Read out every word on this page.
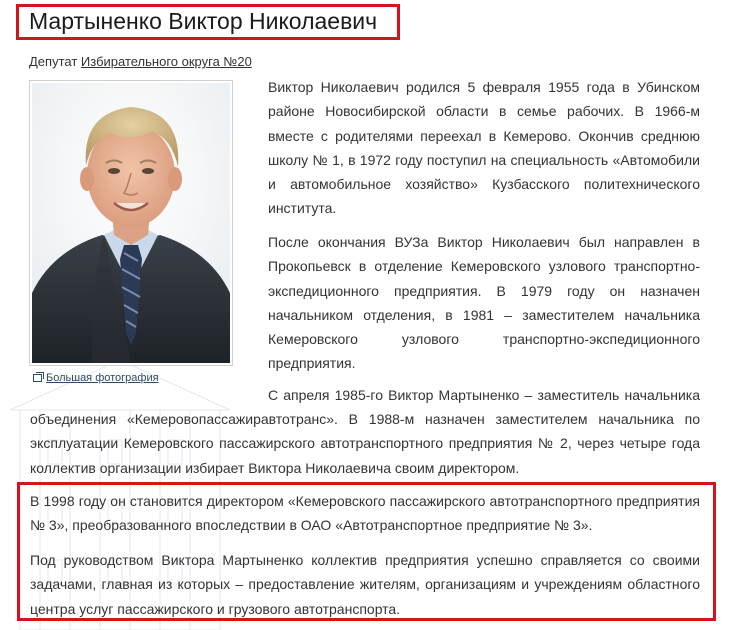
Мартыненко Виктор Николаевич
Депутат Избирательного округа №20
Большая фотография

Виктор Николаевич родился 5 февраля 1955 года в Убинском районе Новосибирской области в семье рабочих. В 1966-м вместе с родителями переехал в Кемерово. Окончив среднюю школу № 1, в 1972 году поступил на специальность «Автомобили и автомобильное хозяйство» Кузбасского политехнического института.

После окончания ВУЗа Виктор Николаевич был направлен в Прокопьевск в отделение Кемеровского узлового транспортно-экспедиционного предприятия. В 1979 году он назначен начальником отделения, в 1981 – заместителем начальника Кемеровского узлового транспортно-экспедиционного предприятия.

С апреля 1985-го Виктор Мартыненко – заместитель начальника

объединения «Кемеровопассажиравтотранс». В 1988-м назначен заместителем начальника по эксплуатации Кемеровского пассажирского автотранспортного предприятия № 2, через четыре года коллектив организации избирает Виктора Николаевича своим директором.

В 1998 году он становится директором «Кемеровского пассажирского автотранспортного предприятия № 3», преобразованного впоследствии в ОАО «Автотранспортное предприятие № 3».

Под руководством Виктора Мартыненко коллектив предприятия успешно справляется со своими задачами, главная из которых – предоставление жителям, организациям и учреждениям областного центра услуг пассажирского и грузового автотранспорта.
